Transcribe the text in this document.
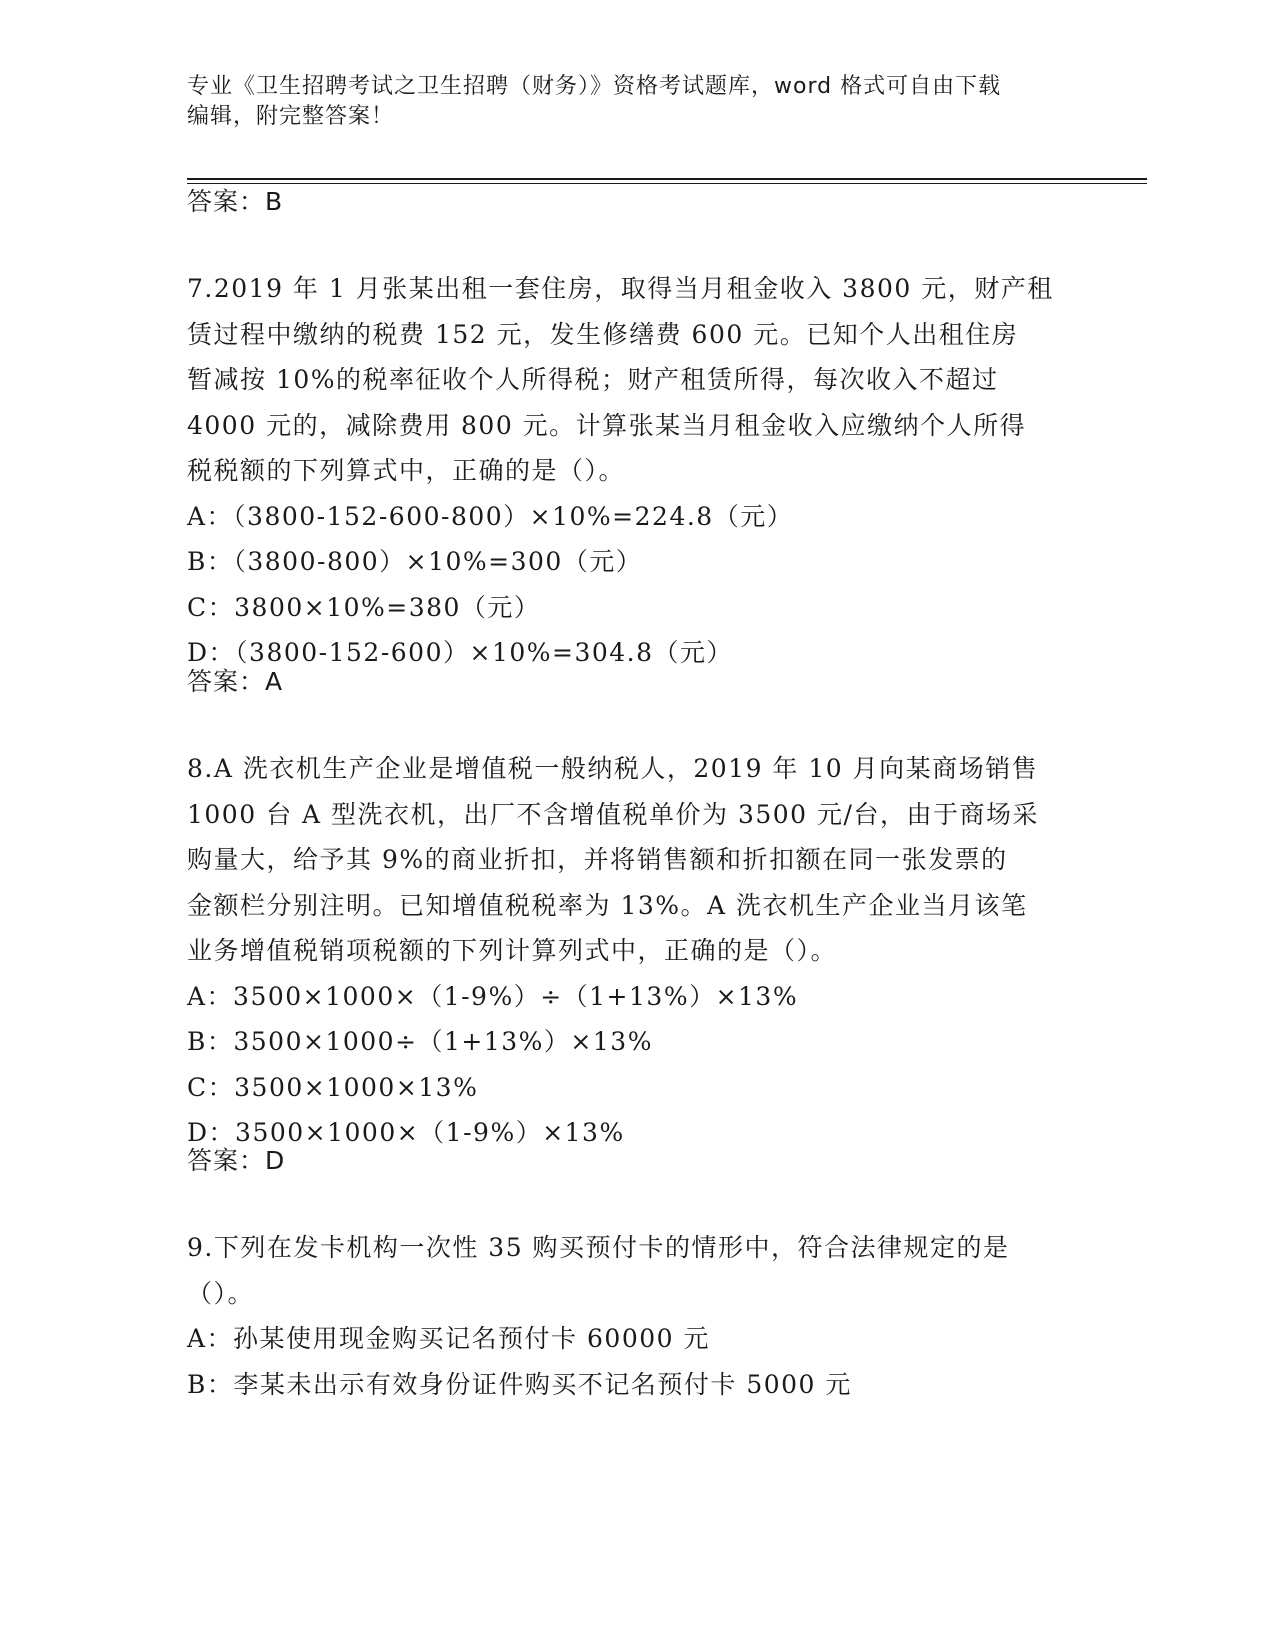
专业《卫生招聘考试之卫生招聘（财务）》资格考试题库，word 格式可自由下载
编辑，附完整答案！
答案：B
7.2019 年 1 月张某出租一套住房，取得当月租金收入 3800 元，财产租
赁过程中缴纳的税费 152 元，发生修缮费 600 元。已知个人出租住房
暂减按 10%的税率征收个人所得税；财产租赁所得，每次收入不超过
4000 元的，减除费用 800 元。计算张某当月租金收入应缴纳个人所得
税税额的下列算式中，正确的是（）。
A：（3800-152-600-800）×10%=224.8（元）
B：（3800-800）×10%=300（元）
C：3800×10%=380（元）
D：（3800-152-600）×10%=304.8（元）
答案：A
8.A 洗衣机生产企业是增值税一般纳税人，2019 年 10 月向某商场销售
1000 台 A 型洗衣机，出厂不含增值税单价为 3500 元/台，由于商场采
购量大，给予其 9%的商业折扣，并将销售额和折扣额在同一张发票的
金额栏分别注明。已知增值税税率为 13%。A 洗衣机生产企业当月该笔
业务增值税销项税额的下列计算列式中，正确的是（）。
A：3500×1000×（1-9%）÷（1+13%）×13%
B：3500×1000÷（1+13%）×13%
C：3500×1000×13%
D：3500×1000×（1-9%）×13%
答案：D
9.下列在发卡机构一次性 35 购买预付卡的情形中，符合法律规定的是
（）。
A：孙某使用现金购买记名预付卡 60000 元
B：李某未出示有效身份证件购买不记名预付卡 5000 元
